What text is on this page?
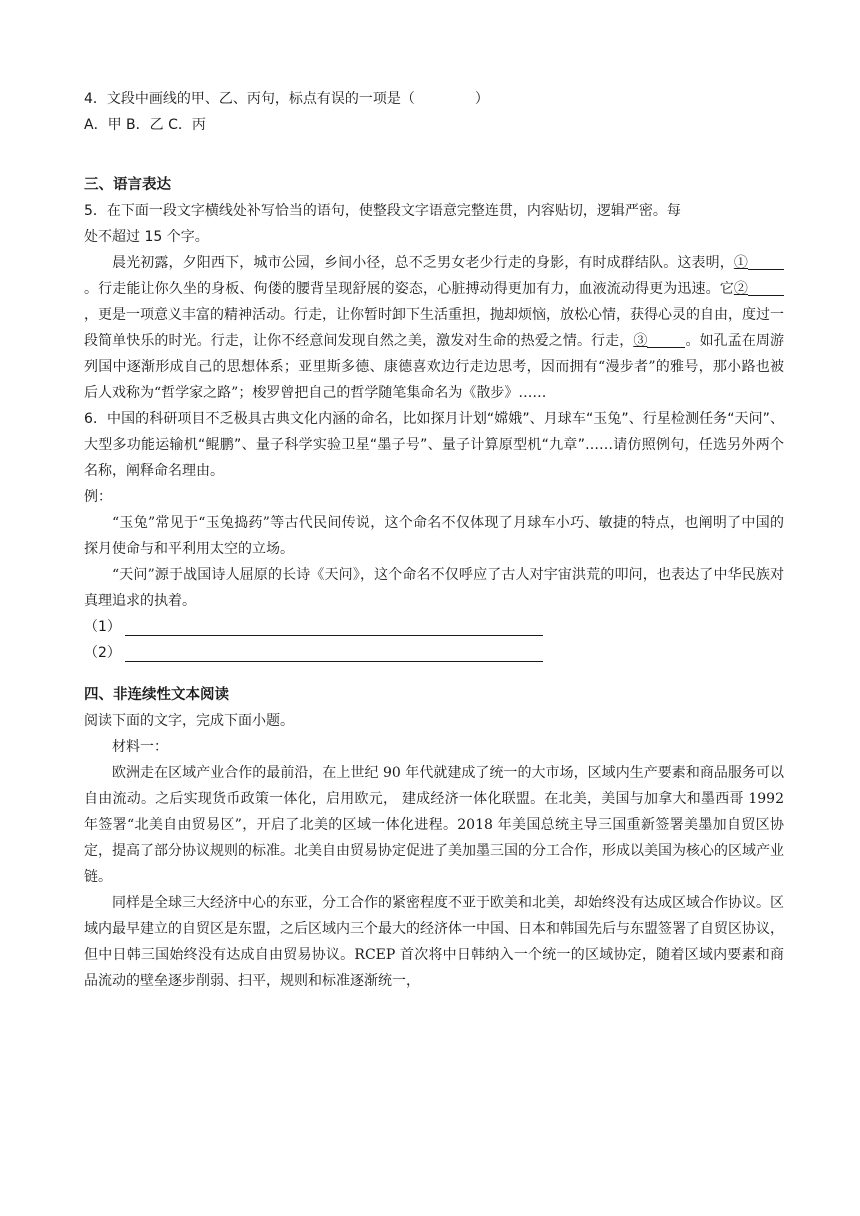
4．文段中画线的甲、乙、丙句，标点有误的一项是（	）
A．甲 B．乙 C．丙
三、语言表达
5．在下面一段文字横线处补写恰当的语句，使整段文字语意完整连贯，内容贴切，逻辑严密。每
处不超过 15 个字。
晨光初露，夕阳西下，城市公园，乡间小径，总不乏男女老少行走的身影，有时成群结队。这表明，①。行走能让你久坐的身板、佝偻的腰背呈现舒展的姿态，心脏搏动得更加有力，血液流动得更为迅速。它②，更是一项意义丰富的精神活动。行走，让你暂时卸下生活重担，抛却烦恼，放松心情，获得心灵的自由，度过一段简单快乐的时光。行走，让你不经意间发现自然之美，激发对生命的热爱之情。行走，③	。如孔孟在周游列国中逐渐形成自己的思想体系；亚里斯多德、康德喜欢边行走边思考，因而拥有“漫步者”的雅号，那小路也被后人戏称为“哲学家之路”；梭罗曾把自己的哲学随笔集命名为《散步》……
6．中国的科研项目不乏极具古典文化内涵的命名，比如探月计划“嫦娥”、月球车“玉兔”、行星检测任务“天问”、大型多功能运输机“鲲鹏”、量子科学实验卫星“墨子号”、量子计算原型机“九章”……请仿照例句，任选另外两个名称，阐释命名理由。
例：
“玉兔”常见于“玉兔捣药”等古代民间传说，这个命名不仅体现了月球车小巧、敏捷的特点，也阐明了中国的探月使命与和平利用太空的立场。
“天问”源于战国诗人屈原的长诗《天问》，这个命名不仅呼应了古人对宇宙洪荒的叩问，也表达了中华民族对真理追求的执着。
（1）
（2）
四、非连续性文本阅读
阅读下面的文字，完成下面小题。
材料一：
欧洲走在区域产业合作的最前沿，在上世纪 90 年代就建成了统一的大市场，区域内生产要素和商品服务可以自由流动。之后实现货币政策一体化，启用欧元， 建成经济一体化联盟。在北美，美国与加拿大和墨西哥 1992 年签署“北美自由贸易区”，开启了北美的区域一体化进程。2018 年美国总统主导三国重新签署美墨加自贸区协定，提高了部分协议规则的标准。北美自由贸易协定促进了美加墨三国的分工合作，形成以美国为核心的区域产业链。
同样是全球三大经济中心的东亚，分工合作的紧密程度不亚于欧美和北美，却始终没有达成区域合作协议。区域内最早建立的自贸区是东盟，之后区域内三个最大的经济体一中国、日本和韩国先后与东盟签署了自贸区协议，但中日韩三国始终没有达成自由贸易协议。RCEP 首次将中日韩纳入一个统一的区域协定，随着区域内要素和商品流动的壁垒逐步削弱、扫平，规则和标准逐渐统一，
